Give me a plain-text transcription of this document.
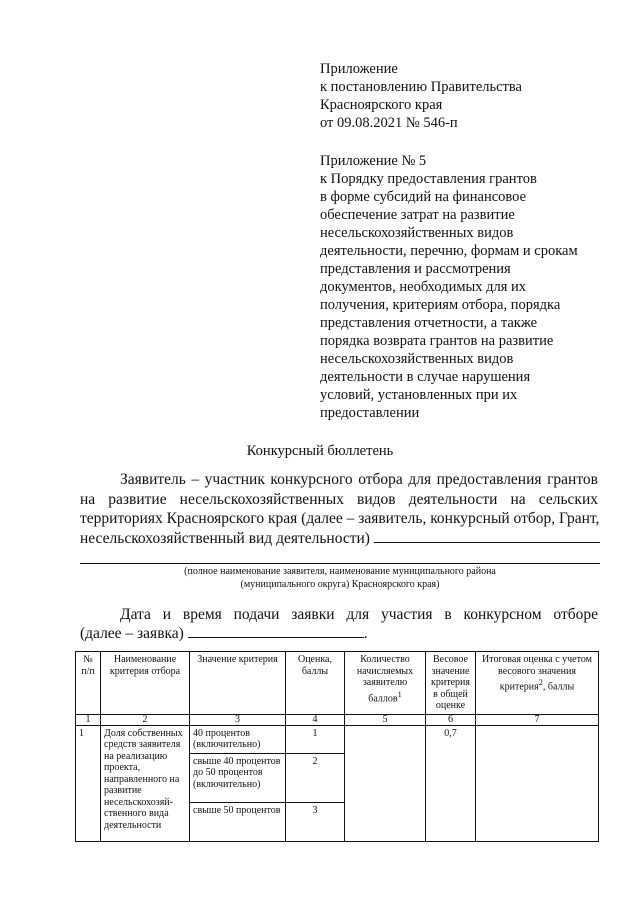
Приложение
к постановлению Правительства
Красноярского края
от 09.08.2021 № 546-п
Приложение № 5
к Порядку предоставления грантов
в форме субсидий на финансовое
обеспечение затрат на развитие
несельскохозяйственных видов
деятельности, перечню, формам и срокам
представления и рассмотрения
документов, необходимых для их
получения, критериям отбора, порядка
представления отчетности, а также
порядка возврата грантов на развитие
несельскохозяйственных видов
деятельности в случае нарушения
условий, установленных при их
предоставлении
Конкурсный бюллетень
Заявитель – участник конкурсного отбора для предоставления грантов
на развитие несельскохозяйственных видов деятельности на сельских
территориях Красноярского края (далее – заявитель, конкурсный отбор, Грант,
несельскохозяйственный вид деятельности)
(полное наименование заявителя, наименование муниципального района
(муниципального округа) Красноярского края)
Дата и время подачи заявки для участия в конкурсном отборе
(далее – заявка)	.
№ п/п	Наименование критерия отбора	Значение критерия	Оценка, баллы	Количество начисляемых заявителю баллов$^1$	Весовое значение критерия в общей оценке	Итоговая оценка с учетом весового значения критерия$^2$, баллы
1	2	3	4	5	6	7
1	Доля собственных средств заявителя на реализацию проекта, направленного на развитие несельскохозяй-ственного вида деятельности	40 процентов (включительно)	1		0,7	
		свыше 40 процентов до 50 процентов (включительно)	2			
		свыше 50 процентов	3			
